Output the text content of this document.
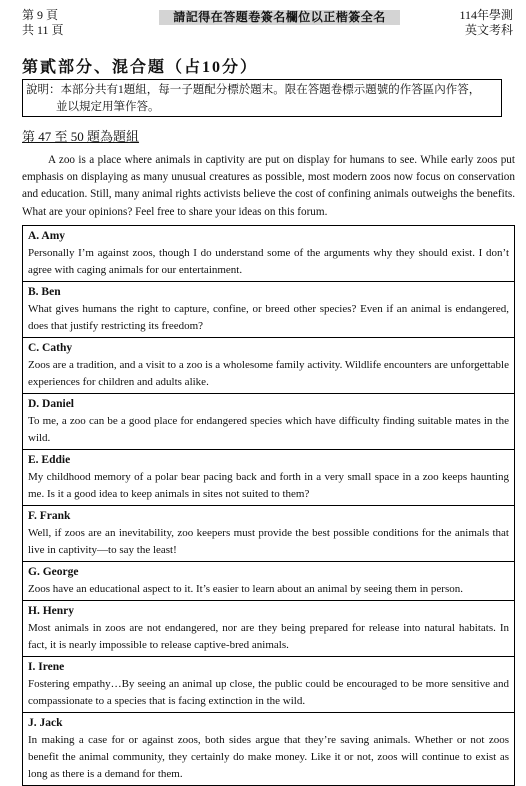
第 9 頁
共 11 頁
請記得在答題卷簽名欄位以正楷簽全名	114年學測
英文考科
第貳部分、混合題（占10分）
說明：本部分共有1題組，每一子題配分標於題末。限在答題卷標示題號的作答區內作答，
並以規定用筆作答。
第 47 至 50 題為題組
A zoo is a place where animals in captivity are put on display for humans to see. While early zoos put emphasis on displaying as many unusual creatures as possible, most modern zoos now focus on conservation and education. Still, many animal rights activists believe the cost of confining animals outweighs the benefits. What are your opinions? Feel free to share your ideas on this forum.
A. Amy
Personally I’m against zoos, though I do understand some of the arguments why they should exist. I don’t agree with caging animals for our entertainment.
B. Ben
What gives humans the right to capture, confine, or breed other species? Even if an animal is endangered, does that justify restricting its freedom?
C. Cathy
Zoos are a tradition, and a visit to a zoo is a wholesome family activity. Wildlife encounters are unforgettable experiences for children and adults alike.
D. Daniel
To me, a zoo can be a good place for endangered species which have difficulty finding suitable mates in the wild.
E. Eddie
My childhood memory of a polar bear pacing back and forth in a very small space in a zoo keeps haunting me. Is it a good idea to keep animals in sites not suited to them?
F. Frank
Well, if zoos are an inevitability, zoo keepers must provide the best possible conditions for the animals that live in captivity—to say the least!
G. George
Zoos have an educational aspect to it. It’s easier to learn about an animal by seeing them in person.
H. Henry
Most animals in zoos are not endangered, nor are they being prepared for release into natural habitats. In fact, it is nearly impossible to release captive-bred animals.
I. Irene
Fostering empathy…By seeing an animal up close, the public could be encouraged to be more sensitive and compassionate to a species that is facing extinction in the wild.
J. Jack
In making a case for or against zoos, both sides argue that they’re saving animals. Whether or not zoos benefit the animal community, they certainly do make money. Like it or not, zoos will continue to exist as long as there is a demand for them.
